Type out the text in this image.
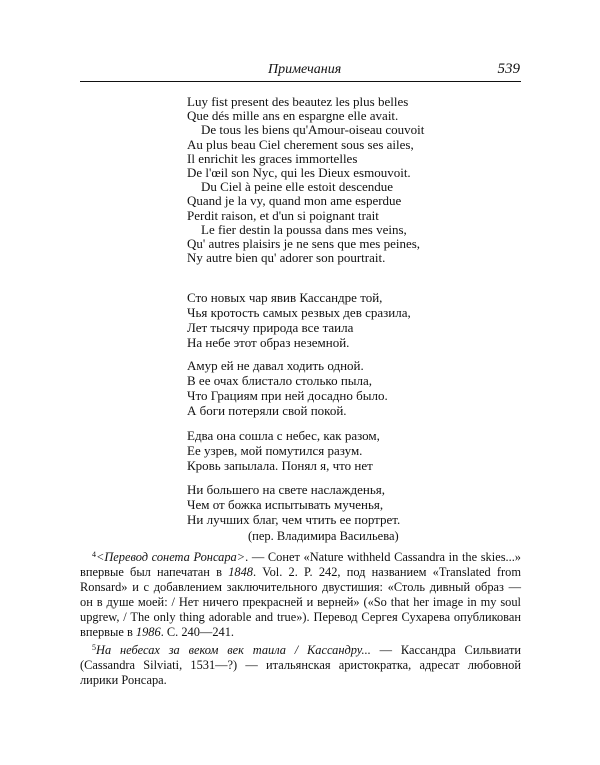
Примечания	539
Luy fist present des beautez les plus belles
Que dés mille ans en espargne elle avait.
De tous les biens qu'Amour-oiseau couvoit
Au plus beau Ciel cherement sous ses ailes,
Il enrichit les graces immortelles
De l'œil son Nyc, qui les Dieux esmouvoit.
Du Ciel à peine elle estoit descendue
Quand je la vy, quand mon ame esperdue
Perdit raison, et d'un si poignant trait
Le fier destin la poussa dans mes veins,
Qu' autres plaisirs je ne sens que mes peines,
Ny autre bien qu' adorer son pourtrait.
Сто новых чар явив Кассандре той,
Чья кротость самых резвых дев сразила,
Лет тысячу природа все таила
На небе этот образ неземной.
Амур ей не давал ходить одной.
В ее очах блистало столько пыла,
Что Грациям при ней досадно было.
А боги потеряли свой покой.
Едва она сошла с небес, как разом,
Ее узрев, мой помутился разум.
Кровь запылала. Понял я, что нет
Ни большего на свете наслажденья,
Чем от божка испытывать мученья,
Ни лучших благ, чем чтить ее портрет.
(пер. Владимира Васильева)

$^4$<Перевод сонета Ронсара>. — Сонет «Nature withheld Cassandra in the skies...» впервые был напечатан в 1848. Vol. 2. P. 242, под названием «Translated from Ronsard» и с добавлением заключительного двустишия: «Столь дивный образ — он в душе моей: / Нет ничего прекрасней и верней» («So that her image in my soul upgrew, / The only thing adorable and true»). Перевод Сергея Сухарева опубликован впервые в 1986. С. 240—241.

$^5$На небесах за веком век таила / Кассандру... — Кассандра Сильвиати (Cassandra Silviati, 1531—?) — итальянская аристократка, адресат любовной лирики Ронсара.
